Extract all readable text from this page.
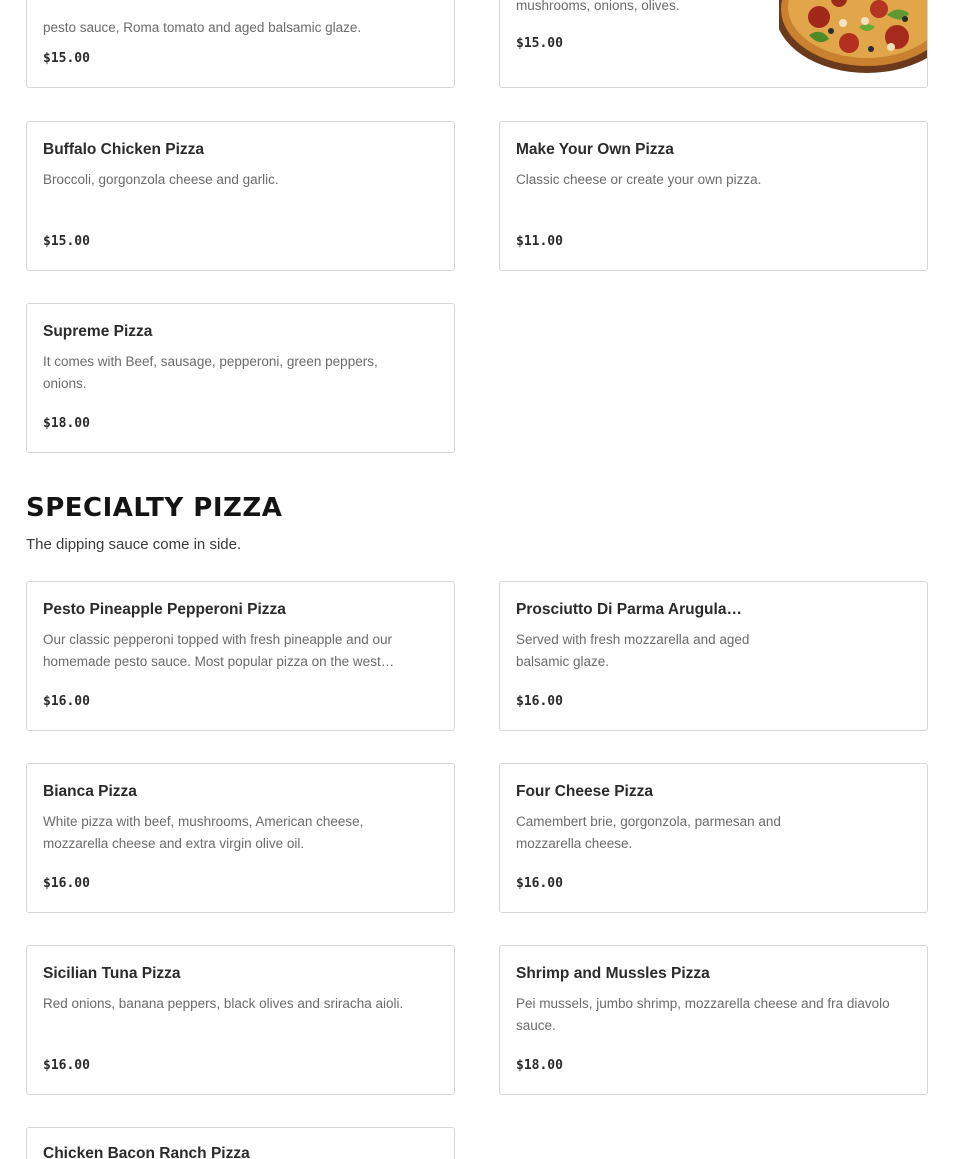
pesto sauce, Roma tomato and aged balsamic glaze.
$15.00
mushrooms, onions, olives.
$15.00
Buffalo Chicken Pizza
Broccoli, gorgonzola cheese and garlic.
$15.00
Make Your Own Pizza
Classic cheese or create your own pizza.
$11.00
Supreme Pizza
It comes with Beef, sausage, pepperoni, green peppers, onions.
$18.00
SPECIALTY PIZZA
The dipping sauce come in side.
Pesto Pineapple Pepperoni Pizza
Our classic pepperoni topped with fresh pineapple and our homemade pesto sauce. Most popular pizza on the west…
$16.00
Prosciutto Di Parma Arugula…
Served with fresh mozzarella and aged balsamic glaze.
$16.00
Bianca Pizza
White pizza with beef, mushrooms, American cheese, mozzarella cheese and extra virgin olive oil.
$16.00
Four Cheese Pizza
Camembert brie, gorgonzola, parmesan and mozzarella cheese.
$16.00
Sicilian Tuna Pizza
Red onions, banana peppers, black olives and sriracha aioli.
$16.00
Shrimp and Mussles Pizza
Pei mussels, jumbo shrimp, mozzarella cheese and fra diavolo sauce.
$18.00
Chicken Bacon Ranch Pizza
